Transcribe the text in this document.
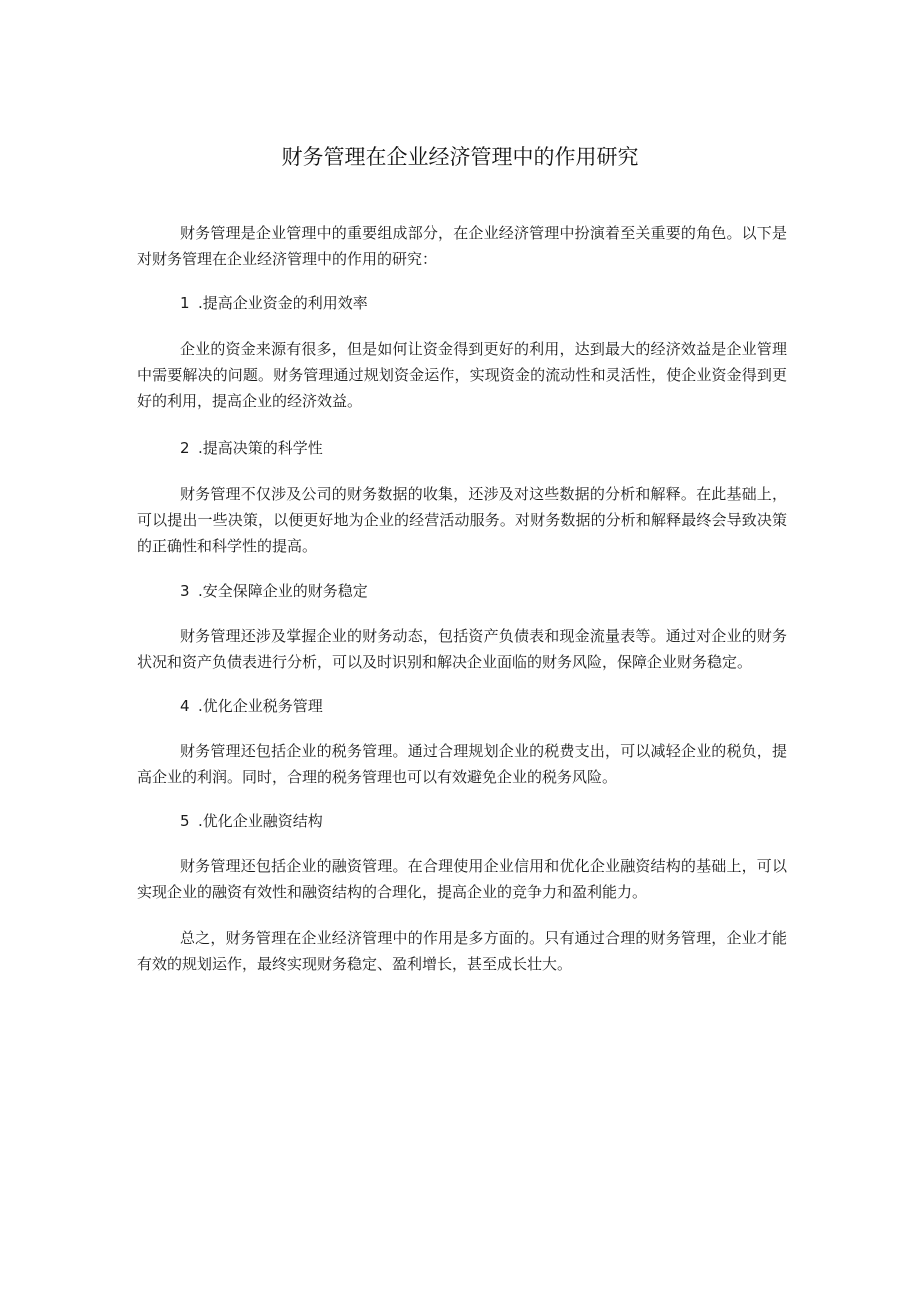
财务管理在企业经济管理中的作用研究

财务管理是企业管理中的重要组成部分，在企业经济管理中扮演着至关重要的角色。以下是对财务管理在企业经济管理中的作用的研究：

1 .提高企业资金的利用效率

企业的资金来源有很多，但是如何让资金得到更好的利用，达到最大的经济效益是企业管理中需要解决的问题。财务管理通过规划资金运作，实现资金的流动性和灵活性，使企业资金得到更好的利用，提高企业的经济效益。

2 .提高决策的科学性

财务管理不仅涉及公司的财务数据的收集，还涉及对这些数据的分析和解释。在此基础上，可以提出一些决策，以便更好地为企业的经营活动服务。对财务数据的分析和解释最终会导致决策的正确性和科学性的提高。

3 .安全保障企业的财务稳定

财务管理还涉及掌握企业的财务动态，包括资产负债表和现金流量表等。通过对企业的财务状况和资产负债表进行分析，可以及时识别和解决企业面临的财务风险，保障企业财务稳定。

4 .优化企业税务管理

财务管理还包括企业的税务管理。通过合理规划企业的税费支出，可以减轻企业的税负，提高企业的利润。同时，合理的税务管理也可以有效避免企业的税务风险。

5 .优化企业融资结构

财务管理还包括企业的融资管理。在合理使用企业信用和优化企业融资结构的基础上，可以实现企业的融资有效性和融资结构的合理化，提高企业的竞争力和盈利能力。

总之，财务管理在企业经济管理中的作用是多方面的。只有通过合理的财务管理，企业才能有效的规划运作，最终实现财务稳定、盈利增长，甚至成长壮大。
